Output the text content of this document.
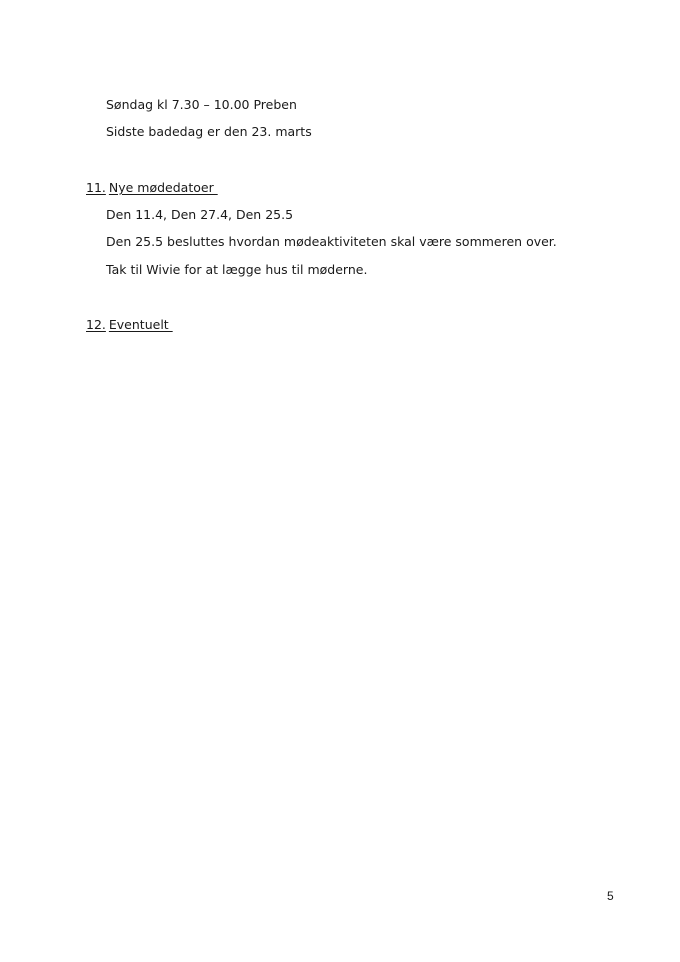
Søndag kl 7.30 – 10.00 Preben
Sidste badedag er den 23. marts
11. Nye mødedatoer
Den 11.4, Den 27.4, Den 25.5
Den 25.5 besluttes hvordan mødeaktiviteten skal være sommeren over.
Tak til Wivie for at lægge hus til møderne.
12. Eventuelt
5
